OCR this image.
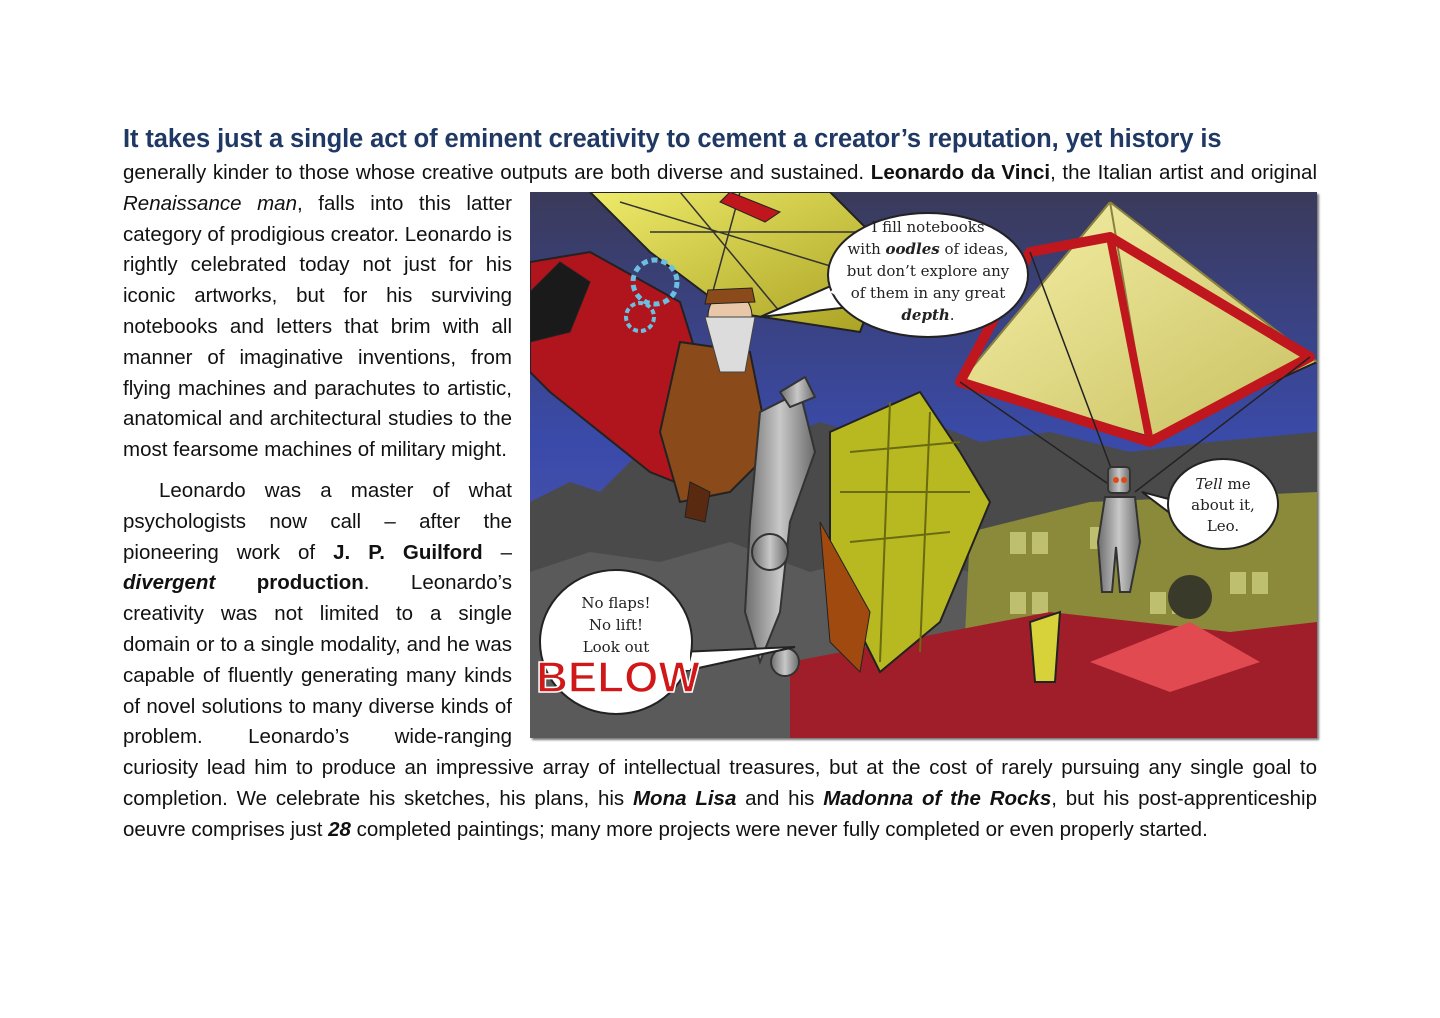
It takes just a single act of eminent creativity to cement a creator’s reputation, yet history is
generally kinder to those whose creative outputs are both diverse and sustained. Leonardo da Vinci, the Italian artist and original
I fill notebooks
with oodles of ideas,
but don’t explore any
of them in any great
depth.
Tell me
about it,
Leo.
No flaps!
No lift!
Look out
BELOW
Renaissance man, falls into this latter category of prodigious creator. Leonardo is rightly celebrated today not just for his iconic artworks, but for his surviving notebooks and letters that brim with all manner of imaginative inventions, from flying machines and parachutes to artistic, anatomical and architectural studies to the most fearsome machines of military might.

Leonardo was a master of what psychologists now call – after the pioneering work of J. P. Guilford – divergent production. Leonardo’s creativity was not limited to a single domain or to a single modality, and he was capable of fluently generating many kinds of novel solutions to many diverse kinds of problem. Leonardo’s wide-ranging curiosity lead him to produce an impressive array of intellectual treasures, but at the cost of rarely pursuing any single goal to completion. We celebrate his sketches, his plans, his Mona Lisa and his Madonna of the Rocks, but his post-apprenticeship oeuvre comprises just 28 completed paintings; many more projects were never fully completed or even properly started.
